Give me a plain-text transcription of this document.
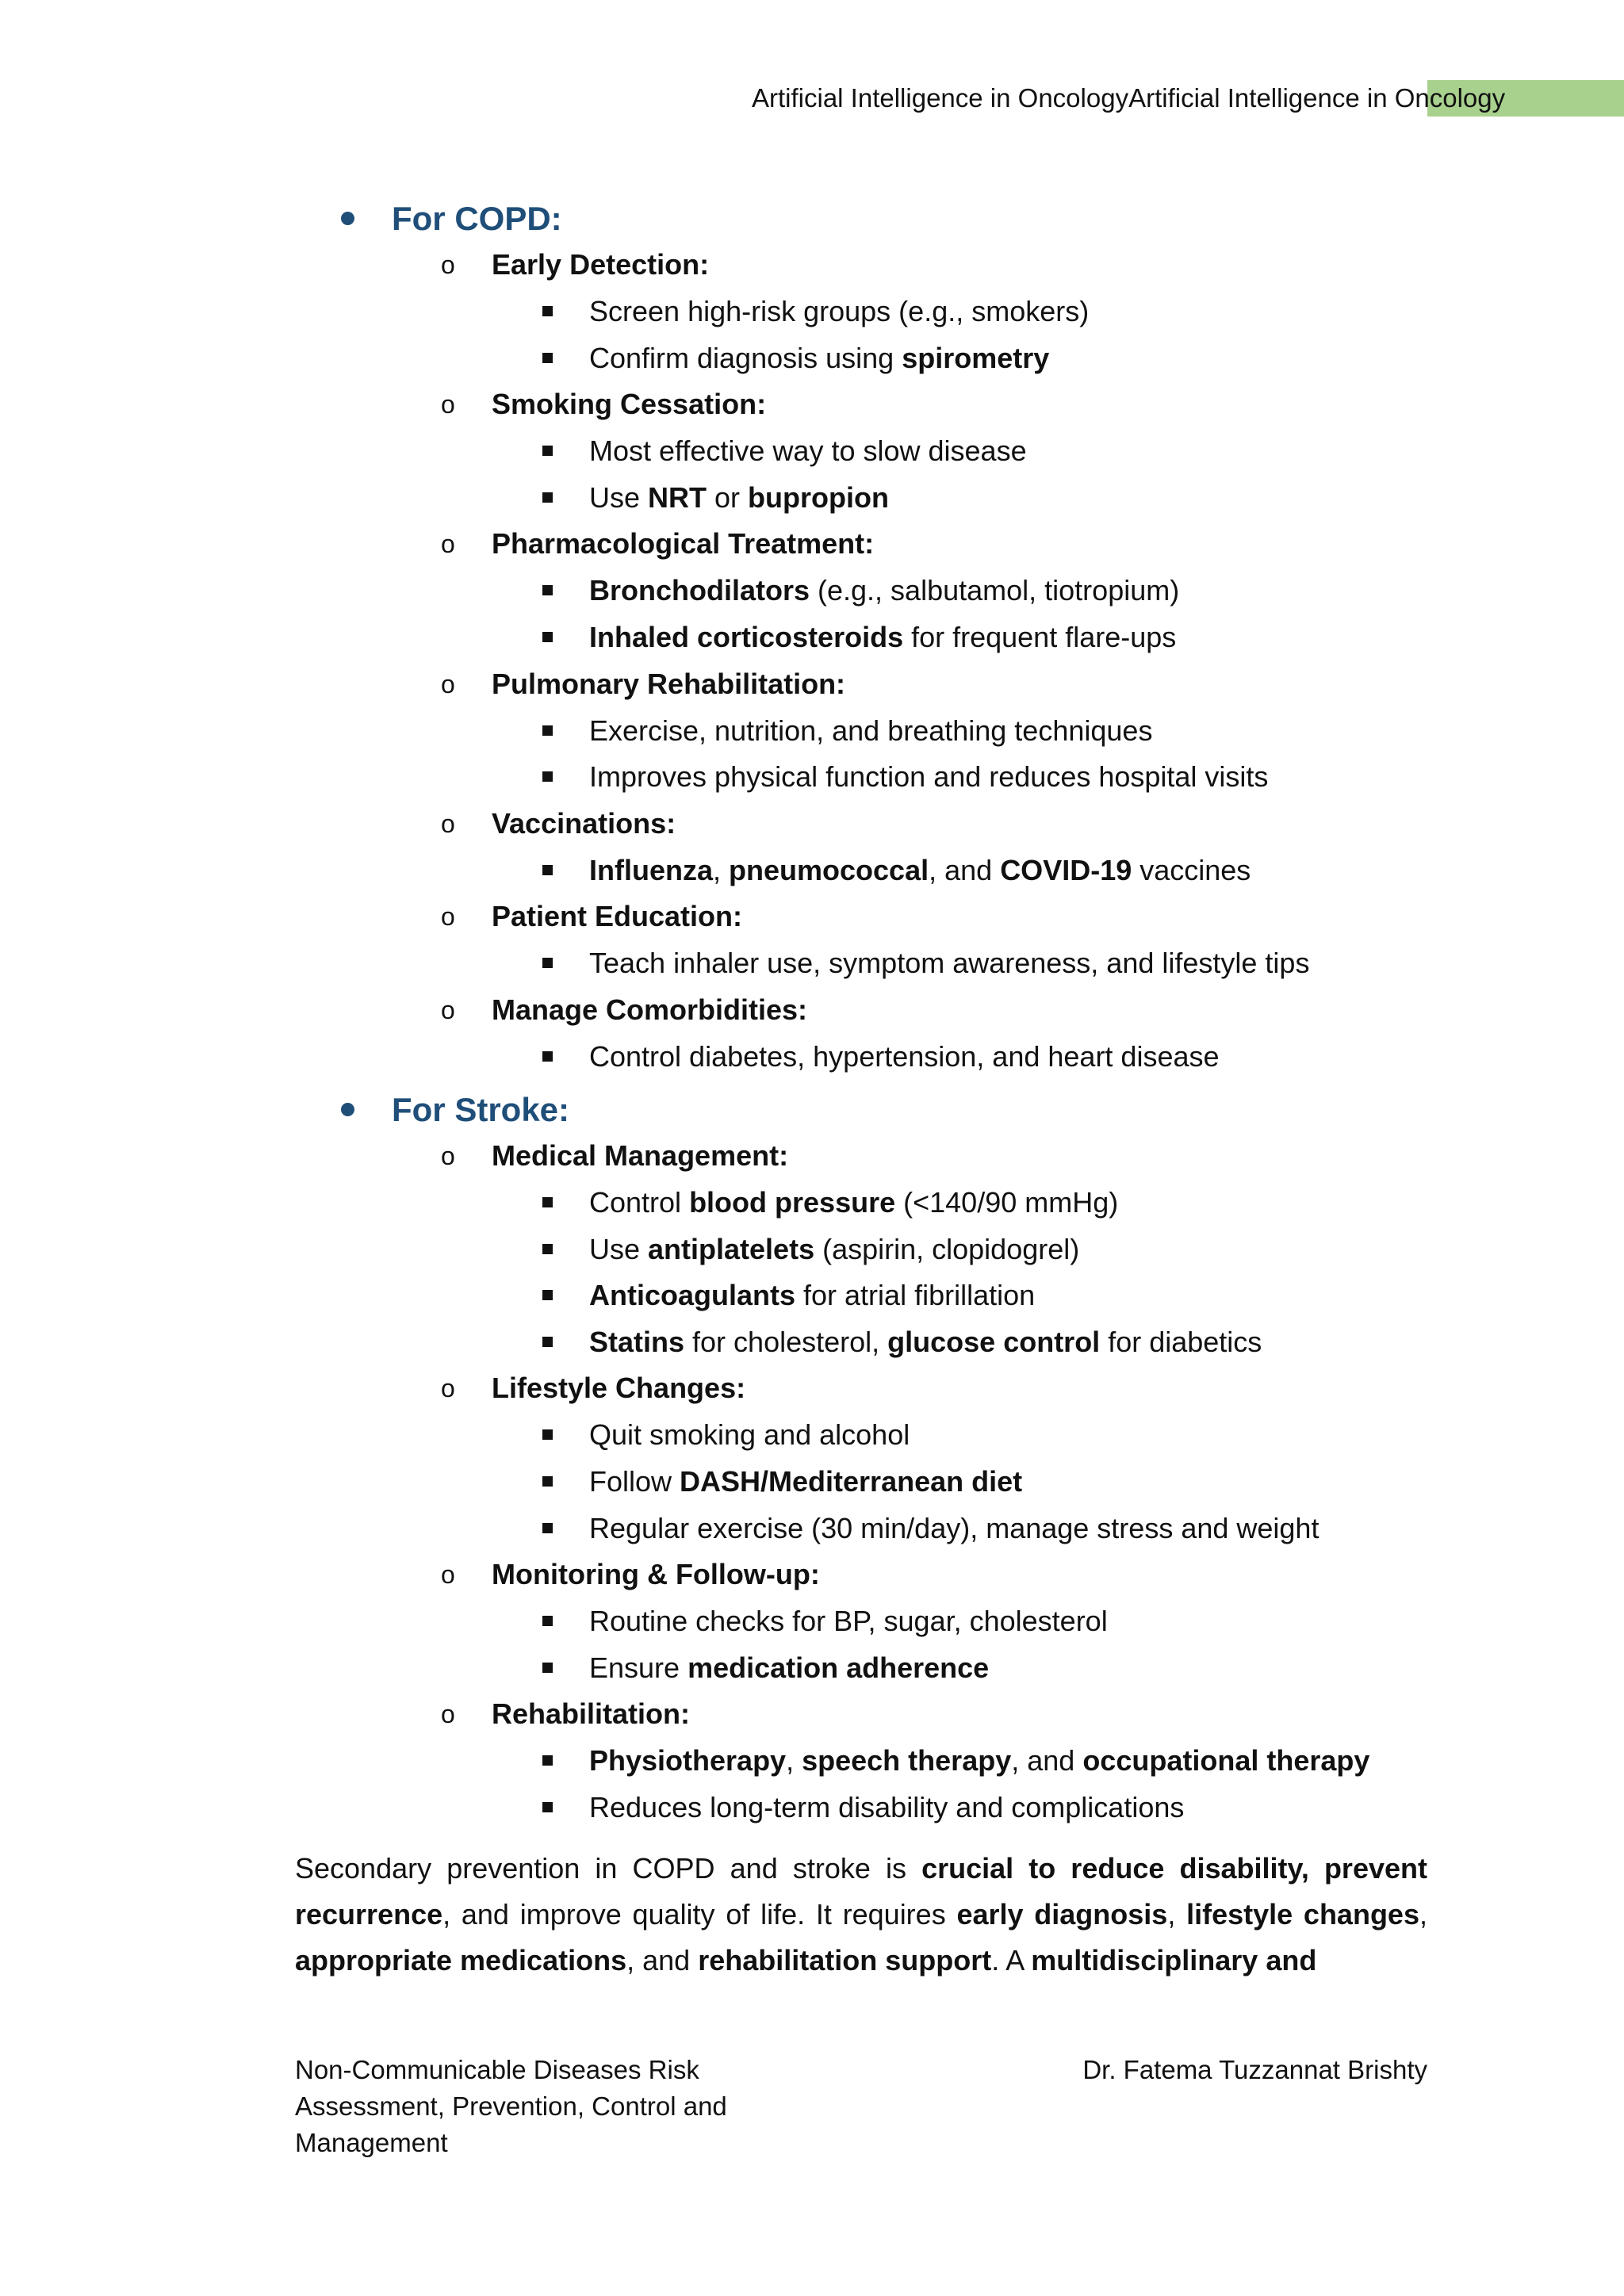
Artificial Intelligence in OncologyArtificial Intelligence in Oncology
For COPD:
o Early Detection:
Screen high-risk groups (e.g., smokers)
Confirm diagnosis using spirometry
o Smoking Cessation:
Most effective way to slow disease
Use NRT or bupropion
o Pharmacological Treatment:
Bronchodilators (e.g., salbutamol, tiotropium)
Inhaled corticosteroids for frequent flare-ups
o Pulmonary Rehabilitation:
Exercise, nutrition, and breathing techniques
Improves physical function and reduces hospital visits
o Vaccinations:
Influenza, pneumococcal, and COVID-19 vaccines
o Patient Education:
Teach inhaler use, symptom awareness, and lifestyle tips
o Manage Comorbidities:
Control diabetes, hypertension, and heart disease
For Stroke:
o Medical Management:
Control blood pressure (<140/90 mmHg)
Use antiplatelets (aspirin, clopidogrel)
Anticoagulants for atrial fibrillation
Statins for cholesterol, glucose control for diabetics
o Lifestyle Changes:
Quit smoking and alcohol
Follow DASH/Mediterranean diet
Regular exercise (30 min/day), manage stress and weight
o Monitoring & Follow-up:
Routine checks for BP, sugar, cholesterol
Ensure medication adherence
o Rehabilitation:
Physiotherapy, speech therapy, and occupational therapy
Reduces long-term disability and complications
Secondary prevention in COPD and stroke is crucial to reduce disability, prevent recurrence, and improve quality of life. It requires early diagnosis, lifestyle changes, appropriate medications, and rehabilitation support. A multidisciplinary and
Non-Communicable Diseases Risk Assessment, Prevention, Control and Management
Dr. Fatema Tuzzannat Brishty
